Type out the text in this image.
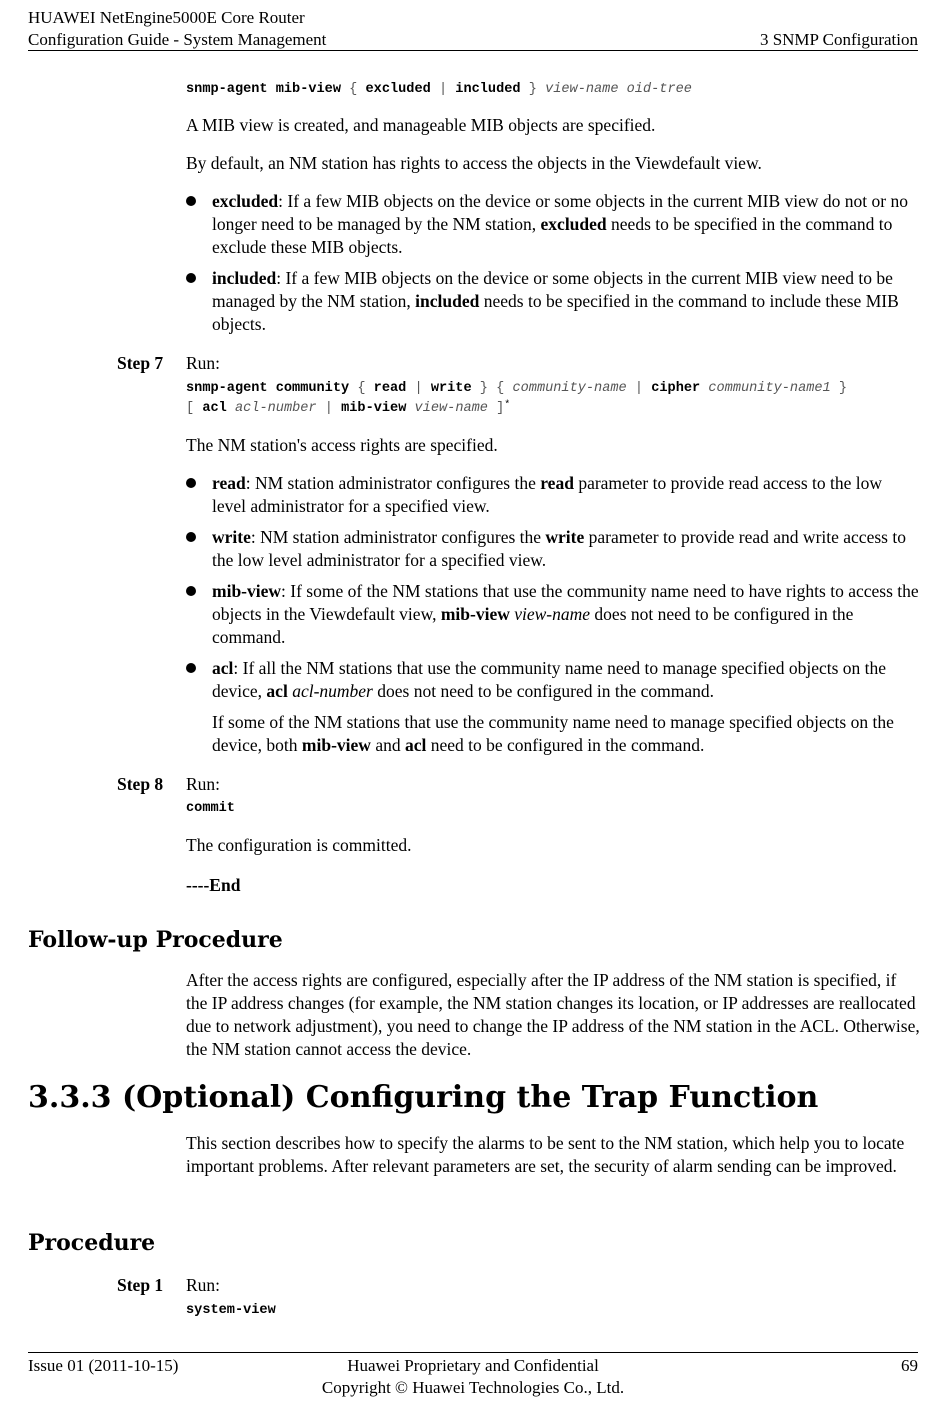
HUAWEI NetEngine5000E Core Router
Configuration Guide - System Management	3 SNMP Configuration
snmp-agent mib-view { excluded | included } view-name oid-tree

A MIB view is created, and manageable MIB objects are specified.

By default, an NM station has rights to access the objects in the Viewdefault view.

excluded: If a few MIB objects on the device or some objects in the current MIB view do not or no longer need to be managed by the NM station, excluded needs to be specified in the command to exclude these MIB objects.
included: If a few MIB objects on the device or some objects in the current MIB view need to be managed by the NM station, included needs to be specified in the command to include these MIB objects.
Step 7 Run:
snmp-agent community { read | write } { community-name | cipher community-name1 }
[ acl acl-number | mib-view view-name ]*

The NM station's access rights are specified.

read: NM station administrator configures the read parameter to provide read access to the low level administrator for a specified view.
write: NM station administrator configures the write parameter to provide read and write access to the low level administrator for a specified view.
mib-view: If some of the NM stations that use the community name need to have rights to access the objects in the Viewdefault view, mib-view view-name does not need to be configured in the command.
acl: If all the NM stations that use the community name need to manage specified objects on the device, acl acl-number does not need to be configured in the command.

If some of the NM stations that use the community name need to manage specified objects on the device, both mib-view and acl need to be configured in the command.

Step 8 Run:
commit

The configuration is committed.

----End

Follow-up Procedure

After the access rights are configured, especially after the IP address of the NM station is specified, if the IP address changes (for example, the NM station changes its location, or IP addresses are reallocated due to network adjustment), you need to change the IP address of the NM station in the ACL. Otherwise, the NM station cannot access the device.

3.3.3 (Optional) Configuring the Trap Function

This section describes how to specify the alarms to be sent to the NM station, which help you to locate important problems. After relevant parameters are set, the security of alarm sending can be improved.

Procedure
Step 1 Run:
system-view
Issue 01 (2011-10-15)	Huawei Proprietary and Confidential
Copyright © Huawei Technologies Co., Ltd.
69
